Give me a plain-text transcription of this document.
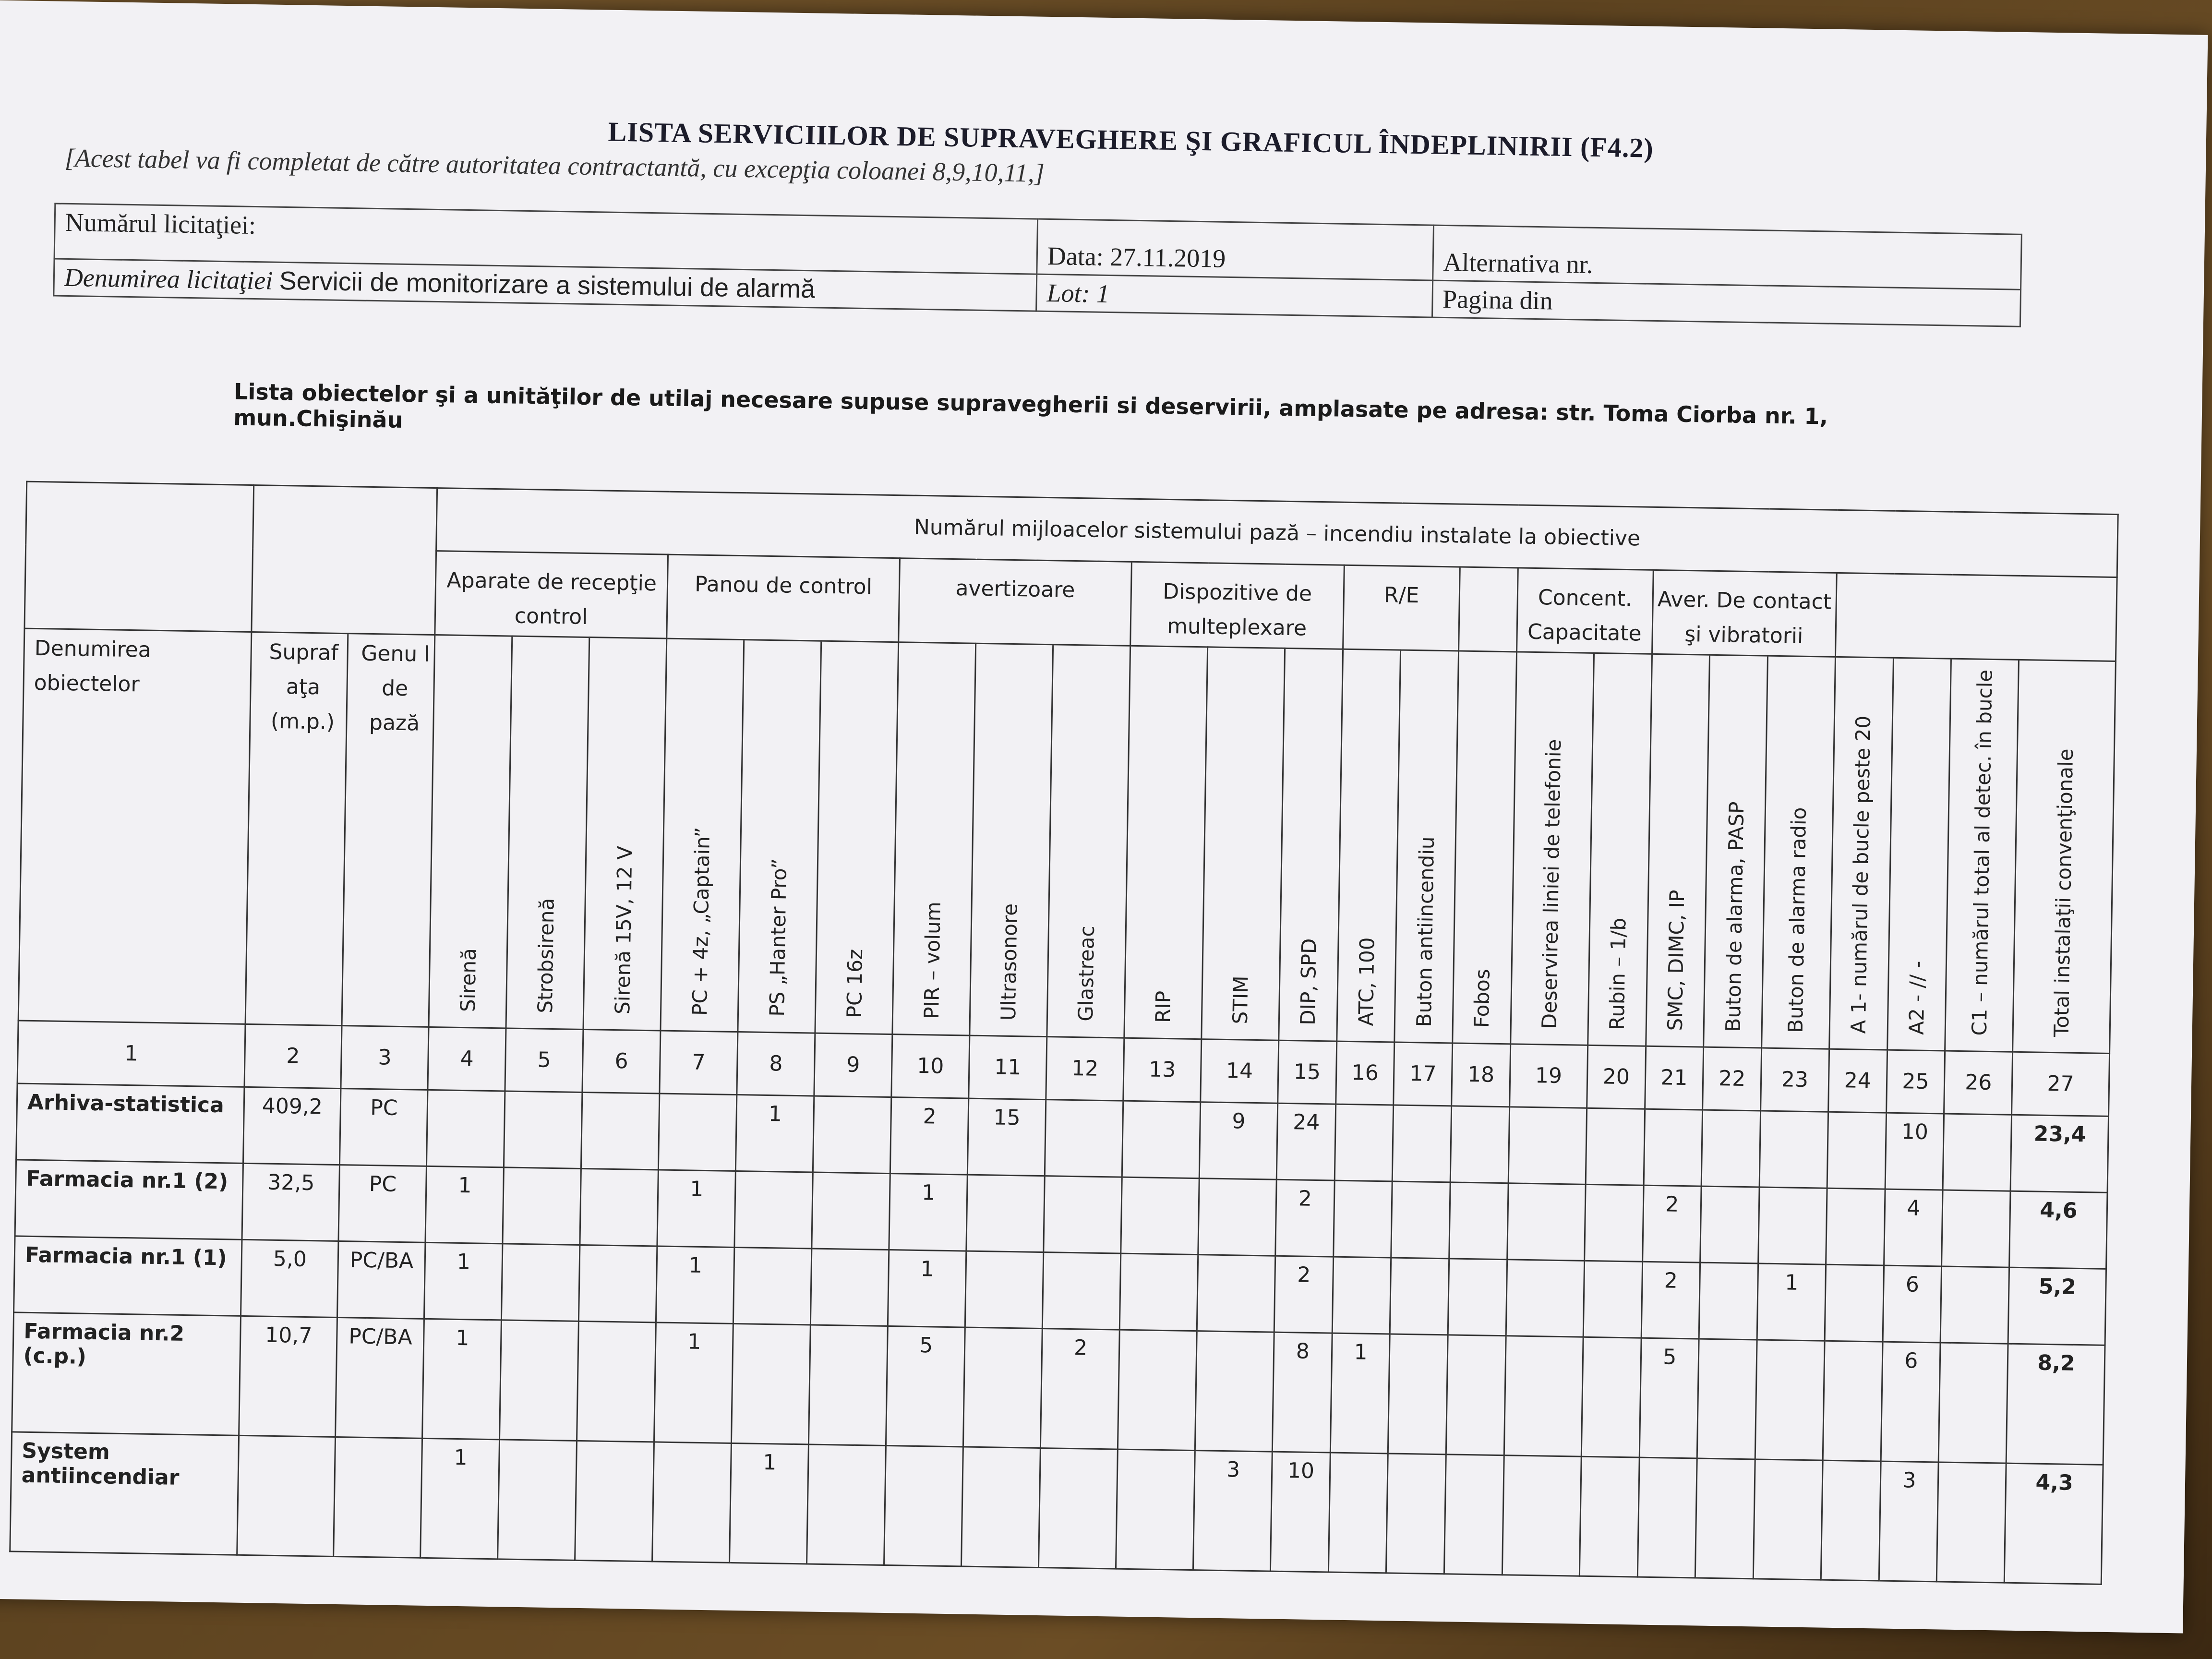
LISTA SERVICIILOR DE SUPRAVEGHERE ŞI GRAFICUL ÎNDEPLINIRII (F4.2)
[Acest tabel va fi completat de către autoritatea contractantă, cu excepţia coloanei 8,9,10,11,]
Numărul licitaţiei:	Data: 27.11.2019	Alternativa nr.
Denumirea licitaţiei Servicii de monitorizare a sistemului de alarmă	Lot: 1	Pagina din
Lista obiectelor şi a unităţilor de utilaj necesare supuse supravegherii si deservirii, amplasate pe adresa: str. Toma Ciorba nr. 1, mun.Chişinău
			Numărul mijloacelor sistemului pază – incendiu instalate la obiective																							
			Aparate de recepţie control			Panou de control			avertizoare			Dispozitive de multeplexare			R/E			Concent. Capacitate		Aver. De contact şi vibratorii						
Denumirea obiectelor	Supraf aţa (m.p.)	Genu l de pază	Sirenă	Strobsirenă	Sirenă 15V, 12 V	PC + 4z, „Captain”	PS „Hanter Pro”	PC 16z	PIR – volum	Ultrasonore	Glastreac	RIP	STIM	DIP, SPD	ATC, 100	Buton antiincendiu	Fobos	Deservirea liniei de telefonie	Rubin – 1/b	SMC, DIMC, IP	Buton de alarma, PASP	Buton de alarma radio	A 1- numărul de bucle peste 20	A2 - // -	C1 – numărul total al detec. în bucle	Total instalaţii convenţionale
1	2	3	4	5	6	7	8	9	10	11	12	13	14	15	16	17	18	19	20	21	22	23	24	25	26	27
Arhiva-statistica	409,2	PC					1		2	15			9	24										10		23,4
Farmacia nr.1 (2)	32,5	PC	1			1			1					2						2				4		4,6
Farmacia nr.1 (1)	5,0	PC/BA	1			1			1					2						2		1		6		5,2
Farmacia nr.2 (c.p.)	10,7	PC/BA	1			1			5		2			8	1					5				6		8,2
System antiincendiar			1				1						3	10										3		4,3
